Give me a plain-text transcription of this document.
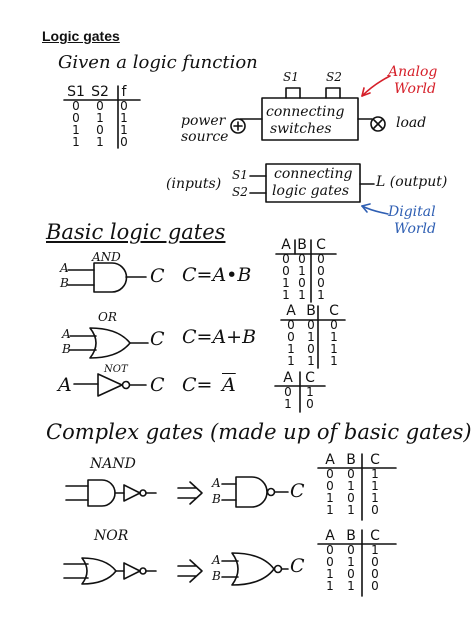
Logic gates
Given a logic function
S1 S2 f
0 0 0
0 1 1
1 0 1
1 1 0
S1 S2
power
source
connecting
switches	load
Analog
World
(inputs)
S1
S2
connecting
logic gates
L (output)
Digital
World
Basic logic gates
AND
A
B	C C=A•B
A B C
0 0 0
0 1 0
1 0 0
1 1 1
OR
A
B	C C=A+B
A B C
0 0 0
0 1 1
1 0 1
1 1 1
NOT
A	C $C= \overline{A}$	A C
0 1
1 0
Complex gates (made up of basic gates)
NAND
A
B	C
A B C
0 0 1
0 1 1
1 0 1
1 1 0
NOR
A
B	C
A B C
0 0 1
0 1 0
1 0 0
1 1 0
